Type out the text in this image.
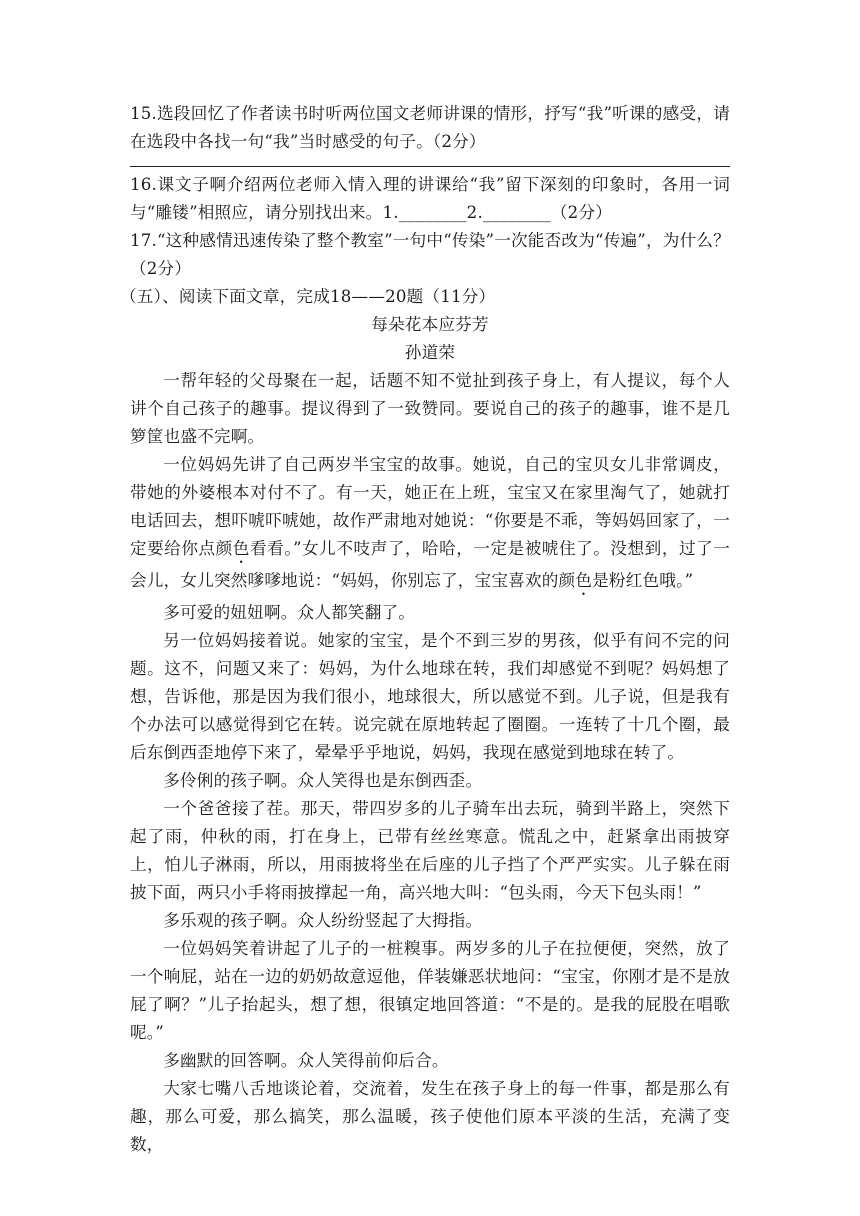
15.选段回忆了作者读书时听两位国文老师讲课的情形，抒写“我”听课的感受，请在选段中各找一句“我”当时感受的句子。（2分）

16.课文子啊介绍两位老师入情入理的讲课给“我”留下深刻的印象时，各用一词与“雕镂”相照应，请分别找出来。1.________2.________（2分）

17.“这种感情迅速传染了整个教室”一句中“传染”一次能否改为“传遍”，为什么？（2分）

（五）、阅读下面文章，完成18——20题（11分）

每朵花本应芬芳

孙道荣

一帮年轻的父母聚在一起，话题不知不觉扯到孩子身上，有人提议，每个人讲个自己孩子的趣事。提议得到了一致赞同。要说自己的孩子的趣事，谁不是几箩筐也盛不完啊。

一位妈妈先讲了自己两岁半宝宝的故事。她说，自己的宝贝女儿非常调皮，带她的外婆根本对付不了。有一天，她正在上班，宝宝又在家里淘气了，她就打电话回去，想吓唬吓唬她，故作严肃地对她说：“你要是不乖，等妈妈回家了，一定要给你点颜色看看。”女儿不吱声了，哈哈，一定是被唬住了。没想到，过了一会儿，女儿突然嗲嗲地说：“妈妈，你别忘了，宝宝喜欢的颜色是粉红色哦。”

多可爱的妞妞啊。众人都笑翻了。

另一位妈妈接着说。她家的宝宝，是个不到三岁的男孩，似乎有问不完的问题。这不，问题又来了：妈妈，为什么地球在转，我们却感觉不到呢？妈妈想了想，告诉他，那是因为我们很小，地球很大，所以感觉不到。儿子说，但是我有个办法可以感觉得到它在转。说完就在原地转起了圈圈。一连转了十几个圈，最后东倒西歪地停下来了，晕晕乎乎地说，妈妈，我现在感觉到地球在转了。

多伶俐的孩子啊。众人笑得也是东倒西歪。

一个爸爸接了茬。那天，带四岁多的儿子骑车出去玩，骑到半路上，突然下起了雨，仲秋的雨，打在身上，已带有丝丝寒意。慌乱之中，赶紧拿出雨披穿上，怕儿子淋雨，所以，用雨披将坐在后座的儿子挡了个严严实实。儿子躲在雨披下面，两只小手将雨披撑起一角，高兴地大叫：“包头雨，今天下包头雨！”

多乐观的孩子啊。众人纷纷竖起了大拇指。

一位妈妈笑着讲起了儿子的一桩糗事。两岁多的儿子在拉便便，突然，放了一个响屁，站在一边的奶奶故意逗他，佯装嫌恶状地问：“宝宝，你刚才是不是放屁了啊？”儿子抬起头，想了想，很镇定地回答道：“不是的。是我的屁股在唱歌呢。”

多幽默的回答啊。众人笑得前仰后合。

大家七嘴八舌地谈论着，交流着，发生在孩子身上的每一件事，都是那么有趣，那么可爱，那么搞笑，那么温暖，孩子使他们原本平淡的生活，充满了变数，
